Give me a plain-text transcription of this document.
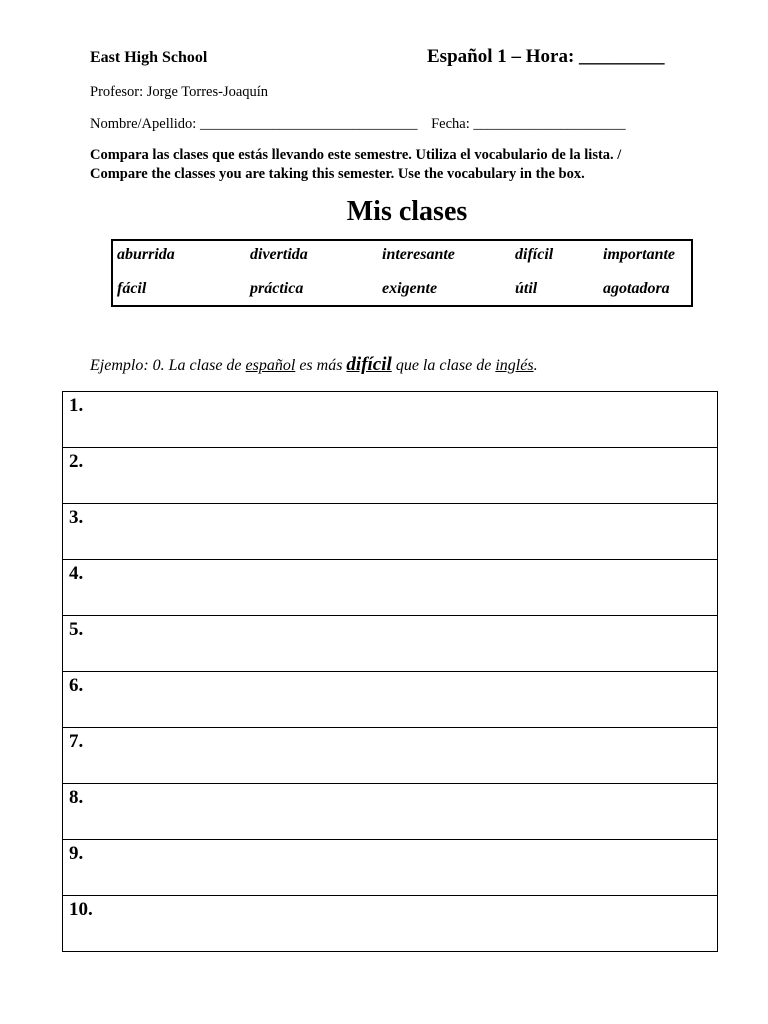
East High School	Español 1 – Hora: _________
Profesor: Jorge Torres-Joaquín
Nombre/Apellido: ______________________________ Fecha: _____________________
Compara las clases que estás llevando este semestre. Utiliza el vocabulario de la lista. /
Compare the classes you are taking this semester. Use the vocabulary in the box.
Mis clases
aburrida	divertida	interesante	difícil	importante
fácil	práctica	exigente	útil	agotadora
Ejemplo: 0. La clase de español es más difícil que la clase de inglés.
1.
2.
3.
4.
5.
6.
7.
8.
9.
10.
